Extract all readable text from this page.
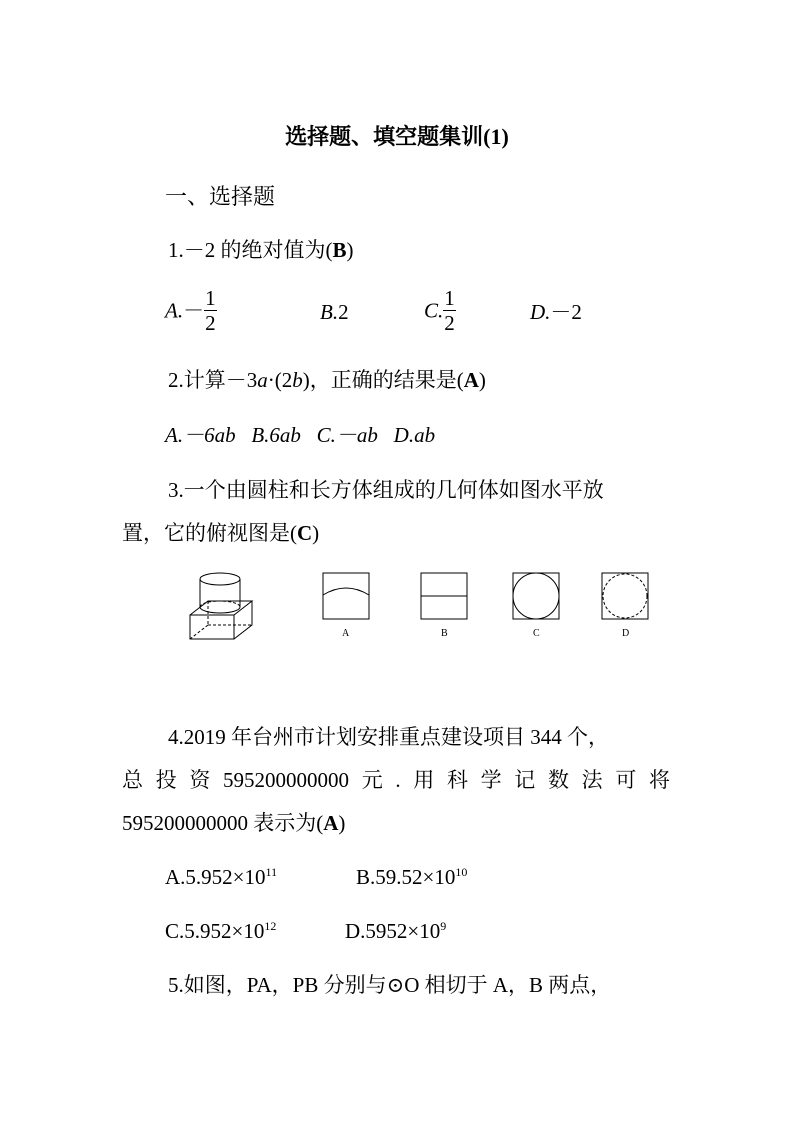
选择题、填空题集训(1)
一、选择题
1.－2 的绝对值为(B)
$A.- \frac{1}{2}$	B.2	C. $\frac{1}{2}$	D.－2
2.计算－3a·(2b)，正确的结果是(A)
A.－6ab B.6ab C.－ab D.ab
3.一个由圆柱和长方体组成的几何体如图水平放
置，它的俯视图是(C)
A	B	C	D
4.2019 年台州市计划安排重点建设项目 344 个，
总 投 资 595200000000 元 . 用 科 学 记 数 法 可 将
595200000000 表示为(A)
$A.5.952\times 10^{11}$	$B.59.52\times 10^{10}$
$C.5.952\times 10^{12}$	$D.5952\times 10^9$
5.如图，PA，PB 分别与⊙O 相切于 A，B 两点，
